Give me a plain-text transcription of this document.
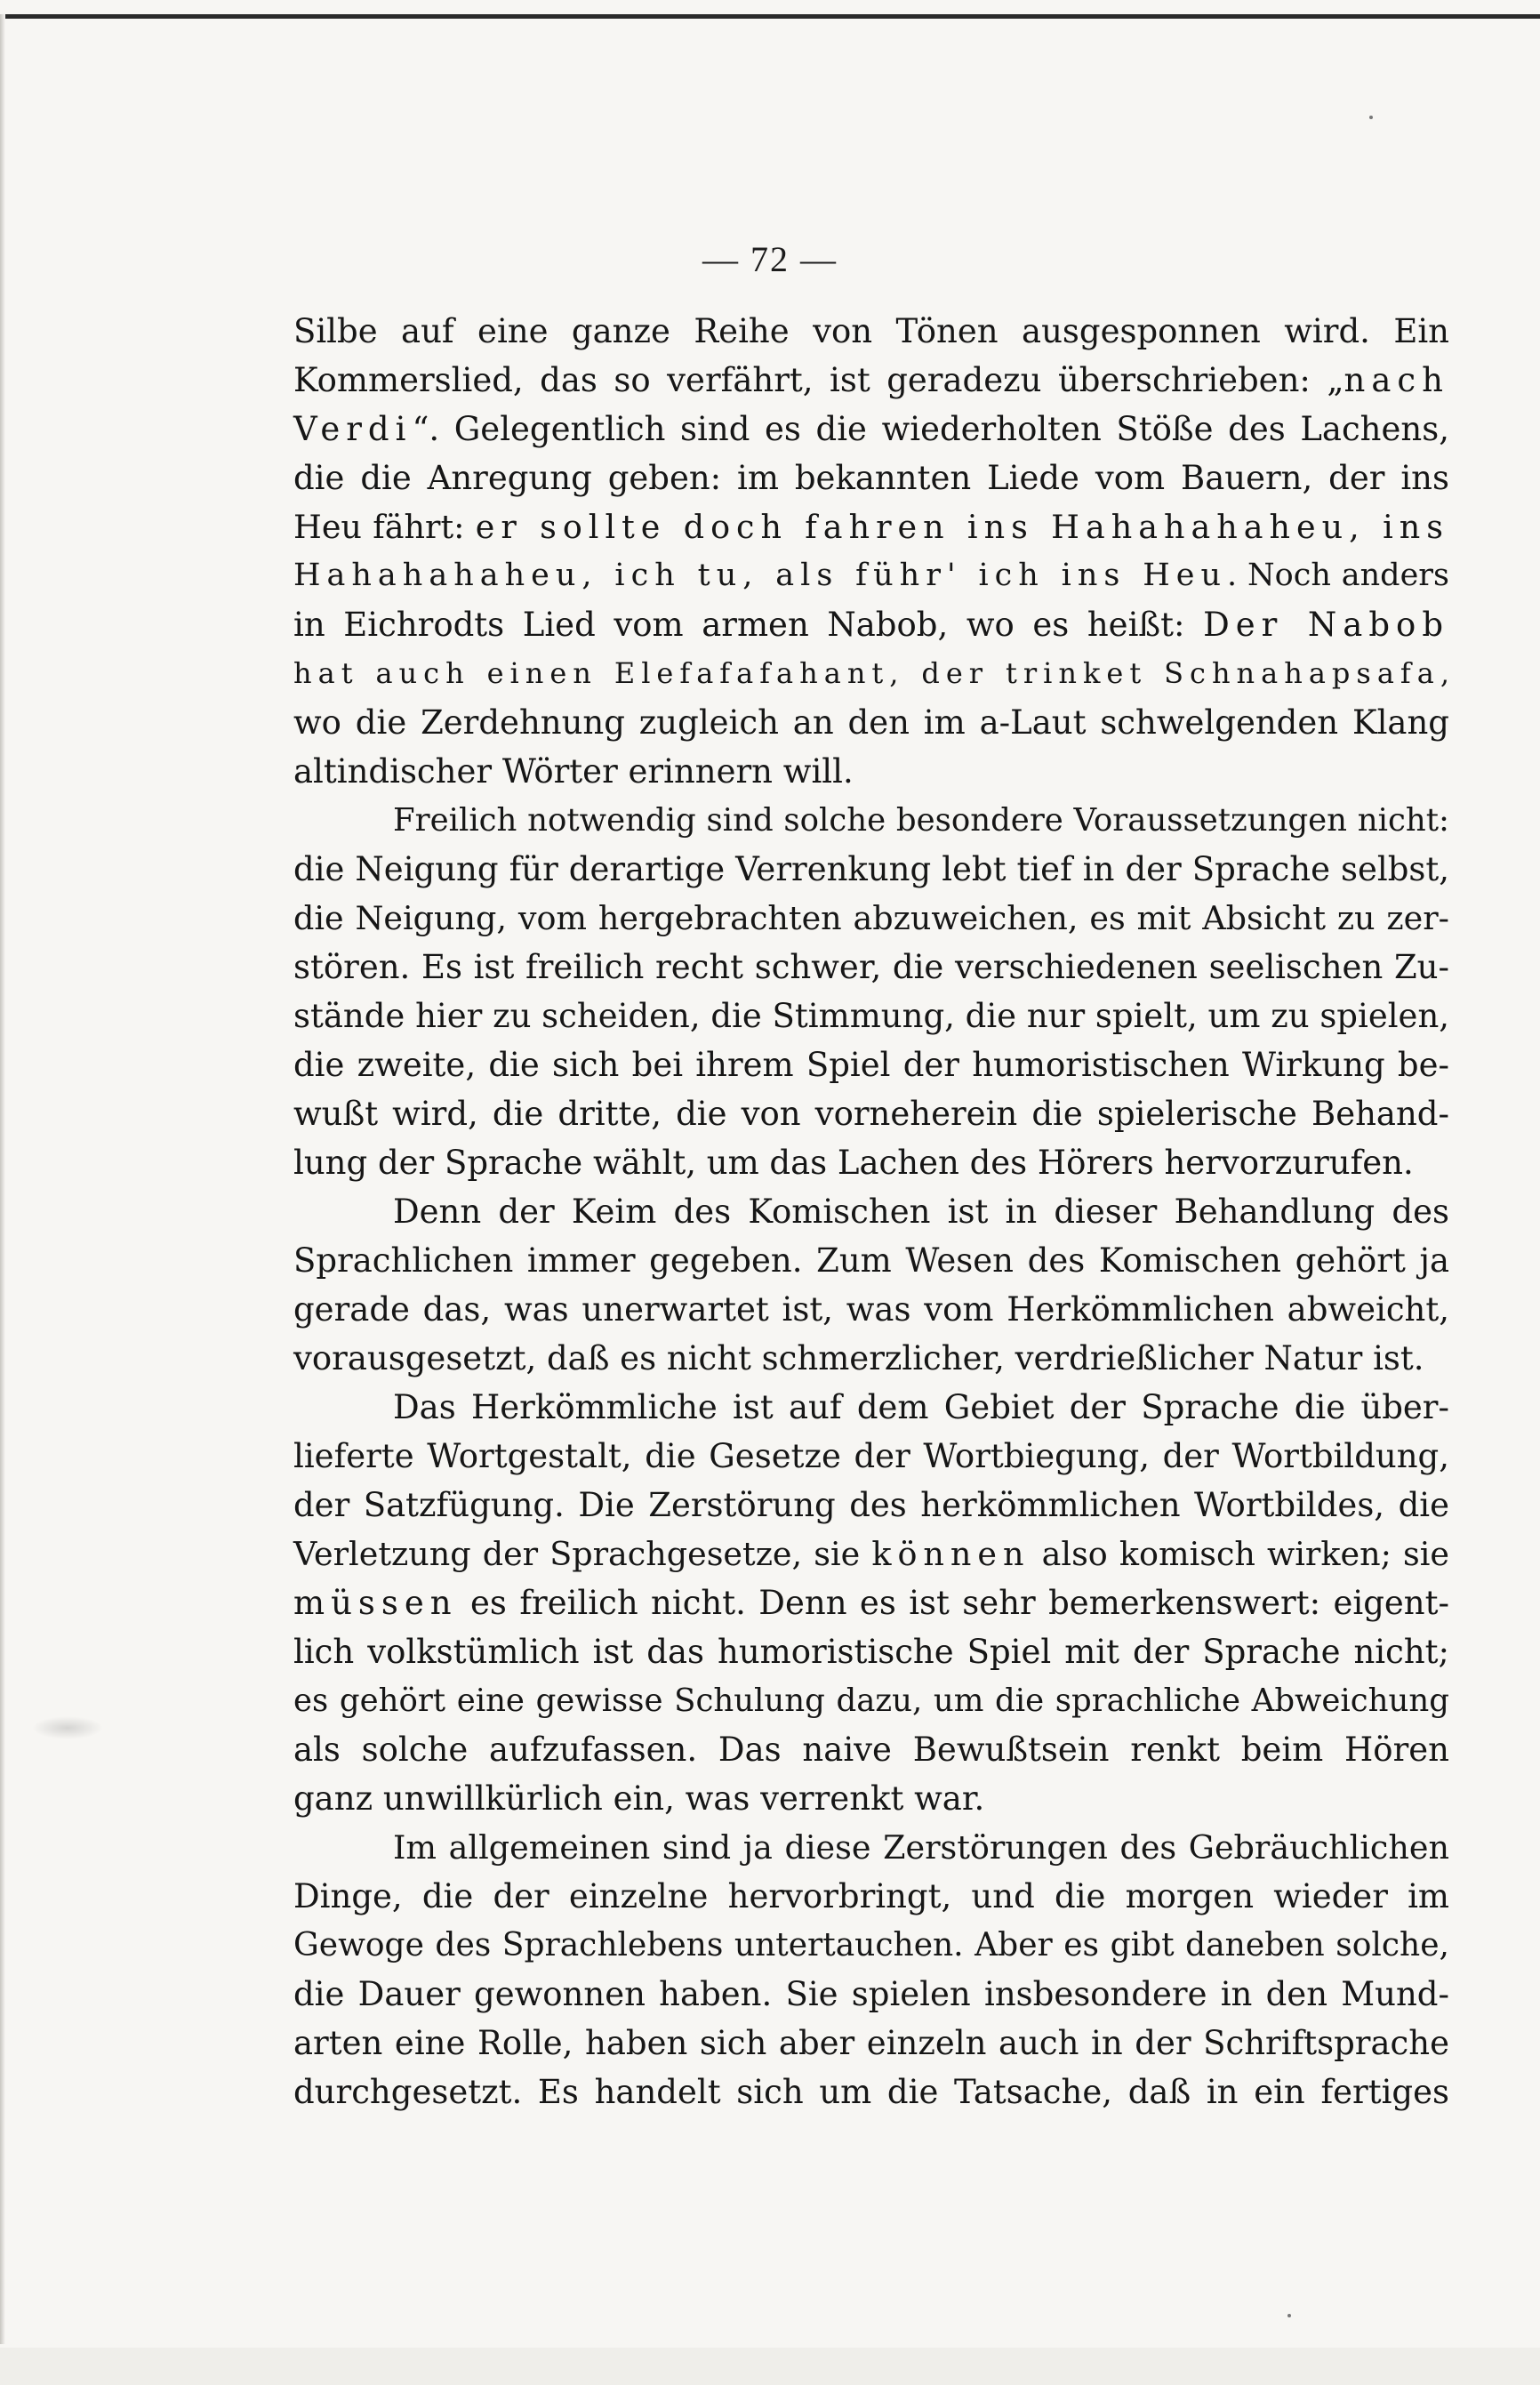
— 72 —
Silbe auf eine ganze Reihe von Tönen ausgesponnen wird. Ein
Kommerslied, das so verfährt, ist geradezu überschrieben: „nach
Verdi“. Gelegentlich sind es die wiederholten Stöße des Lachens,
die die Anregung geben: im bekannten Liede vom Bauern, der ins
Heu fährt: er sollte doch fahren ins Hahahahaheu, ins
Hahahahaheu, ich tu, als führ' ich ins Heu. Noch anders
in Eichrodts Lied vom armen Nabob, wo es heißt: Der Nabob
hat auch einen Elefafafahant, der trinket Schnahapsafa,
wo die Zerdehnung zugleich an den im a-Laut schwelgenden Klang
altindischer Wörter erinnern will.
Freilich notwendig sind solche besondere Voraussetzungen nicht:
die Neigung für derartige Verrenkung lebt tief in der Sprache selbst,
die Neigung, vom hergebrachten abzuweichen, es mit Absicht zu zer-
stören. Es ist freilich recht schwer, die verschiedenen seelischen Zu-
stände hier zu scheiden, die Stimmung, die nur spielt, um zu spielen,
die zweite, die sich bei ihrem Spiel der humoristischen Wirkung be-
wußt wird, die dritte, die von vorneherein die spielerische Behand-
lung der Sprache wählt, um das Lachen des Hörers hervorzurufen.
Denn der Keim des Komischen ist in dieser Behandlung des
Sprachlichen immer gegeben. Zum Wesen des Komischen gehört ja
gerade das, was unerwartet ist, was vom Herkömmlichen abweicht,
vorausgesetzt, daß es nicht schmerzlicher, verdrießlicher Natur ist.
Das Herkömmliche ist auf dem Gebiet der Sprache die über-
lieferte Wortgestalt, die Gesetze der Wortbiegung, der Wortbildung,
der Satzfügung. Die Zerstörung des herkömmlichen Wortbildes, die
Verletzung der Sprachgesetze, sie können also komisch wirken; sie
müssen es freilich nicht. Denn es ist sehr bemerkenswert: eigent-
lich volkstümlich ist das humoristische Spiel mit der Sprache nicht;
es gehört eine gewisse Schulung dazu, um die sprachliche Abweichung
als solche aufzufassen. Das naive Bewußtsein renkt beim Hören
ganz unwillkürlich ein, was verrenkt war.
Im allgemeinen sind ja diese Zerstörungen des Gebräuchlichen
Dinge, die der einzelne hervorbringt, und die morgen wieder im
Gewoge des Sprachlebens untertauchen. Aber es gibt daneben solche,
die Dauer gewonnen haben. Sie spielen insbesondere in den Mund-
arten eine Rolle, haben sich aber einzeln auch in der Schriftsprache
durchgesetzt. Es handelt sich um die Tatsache, daß in ein fertiges
